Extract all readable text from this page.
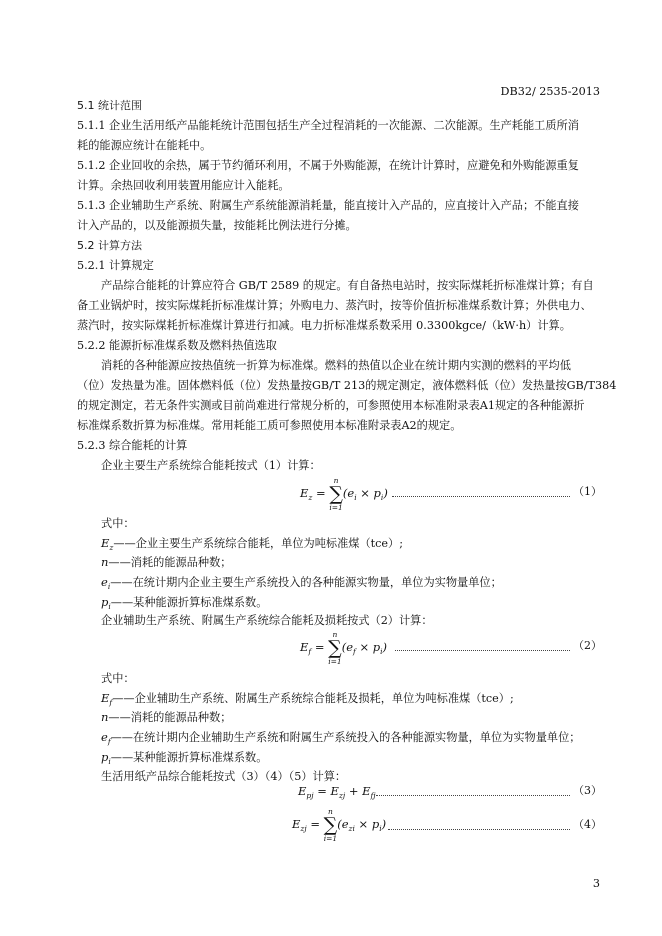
DB32/ 2535-2013
5.1 统计范围
5.1.1 企业生活用纸产品能耗统计范围包括生产全过程消耗的一次能源、二次能源。生产耗能工质所消
耗的能源应统计在能耗中。
5.1.2 企业回收的余热，属于节约循环利用，不属于外购能源，在统计计算时，应避免和外购能源重复
计算。余热回收利用装置用能应计入能耗。
5.1.3 企业辅助生产系统、附属生产系统能源消耗量，能直接计入产品的，应直接计入产品；不能直接
计入产品的，以及能源损失量，按能耗比例法进行分摊。
5.2 计算方法
5.2.1 计算规定
产品综合能耗的计算应符合 GB/T 2589 的规定。有自备热电站时，按实际煤耗折标准煤计算；有自
备工业锅炉时，按实际煤耗折标准煤计算；外购电力、蒸汽时，按等价值折标准煤系数计算；外供电力、
蒸汽时，按实际煤耗折标准煤计算进行扣减。电力折标准煤系数采用 0.3300kgce/（kW·h）计算。
5.2.2 能源折标准煤系数及燃料热值选取
消耗的各种能源应按热值统一折算为标准煤。燃料的热值以企业在统计期内实测的燃料的平均低
（位）发热量为准。固体燃料低（位）发热量按GB/T 213的规定测定，液体燃料低（位）发热量按GB/T384
的规定测定，若无条件实测或目前尚难进行常规分析的，可参照使用本标准附录表A1规定的各种能源折
标准煤系数折算为标准煤。常用耗能工质可参照使用本标准附录表A2的规定。
5.2.3 综合能耗的计算
企业主要生产系统综合能耗按式（1）计算：
$E_z$ =
n
∑
i=1
$(e_i \times p_i)$	（1）
式中：
$E_z——$企业主要生产系统综合能耗，单位为吨标准煤（tce）;
n——消耗的能源品种数；
$e_i——$在统计期内企业主要生产系统投入的各种能源实物量，单位为实物量单位；
$p_i——$某种能源折算标准煤系数。
企业辅助生产系统、附属生产系统综合能耗及损耗按式（2）计算：
$E_f$ =
n
∑
i=1
$(e_f \times p_i)$	（2）
式中：
$E_f——$企业辅助生产系统、附属生产系统综合能耗及损耗，单位为吨标准煤（tce）;
n——消耗的能源品种数；
$e_f——$在统计期内企业辅助生产系统和附属生产系统投入的各种能源实物量，单位为实物量单位；
$p_i——$某种能源折算标准煤系数。
生活用纸产品综合能耗按式（3）（4）（5）计算：
$E_{pj} = E_{zj} + E_{fj}$	（3）
$E_{zj}$ =
n
∑
i=1
$(e_{zi} \times p_i)$	（4）
3
